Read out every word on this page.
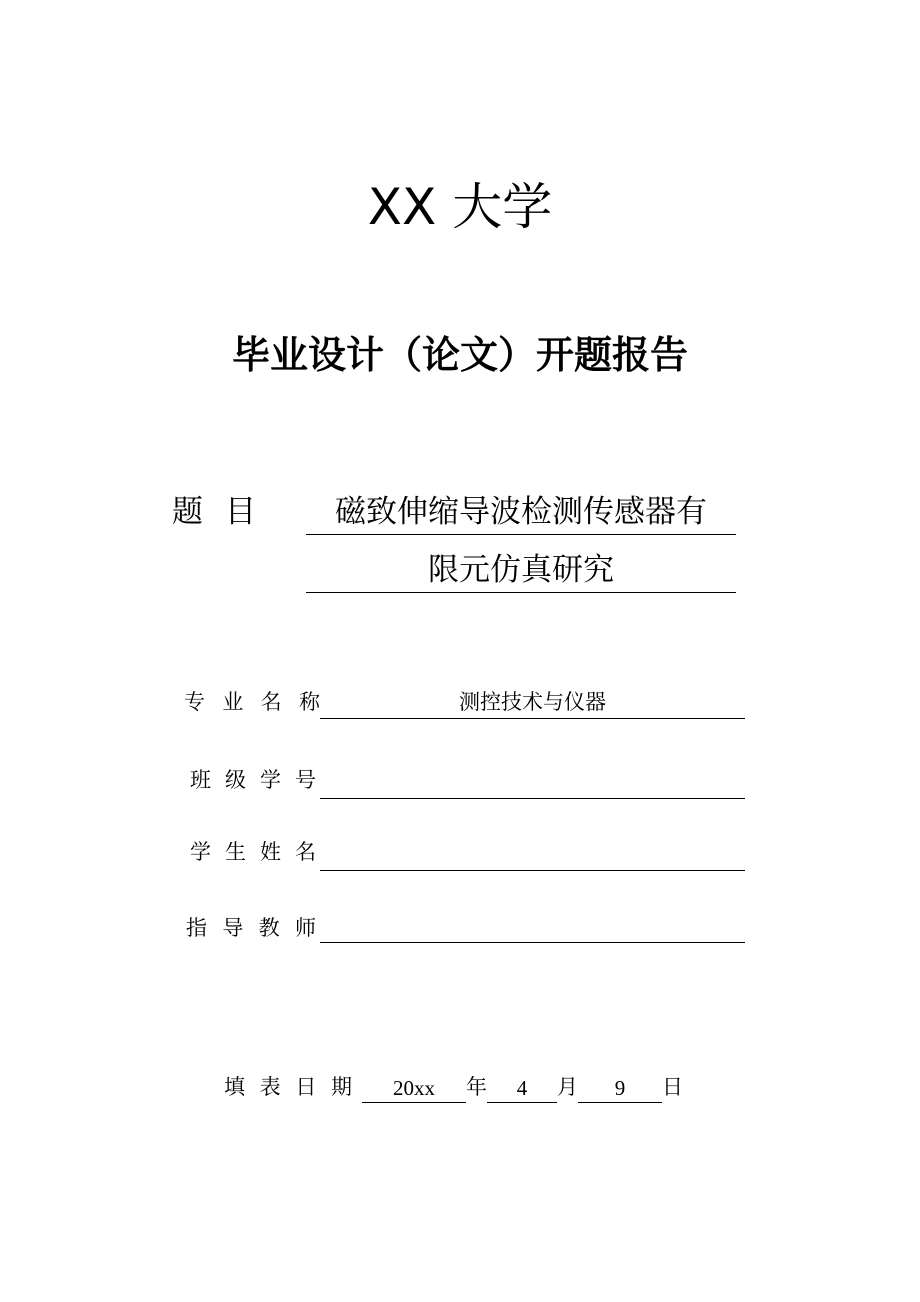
XX 大学
毕业设计（论文）开题报告
题 目	磁致伸缩导波检测传感器有
限元仿真研究
专 业 名 称	测控技术与仪器
班 级 学 号
学 生 姓 名
指 导 教 师
填 表 日 期	20xx	年	4	月	9	日
